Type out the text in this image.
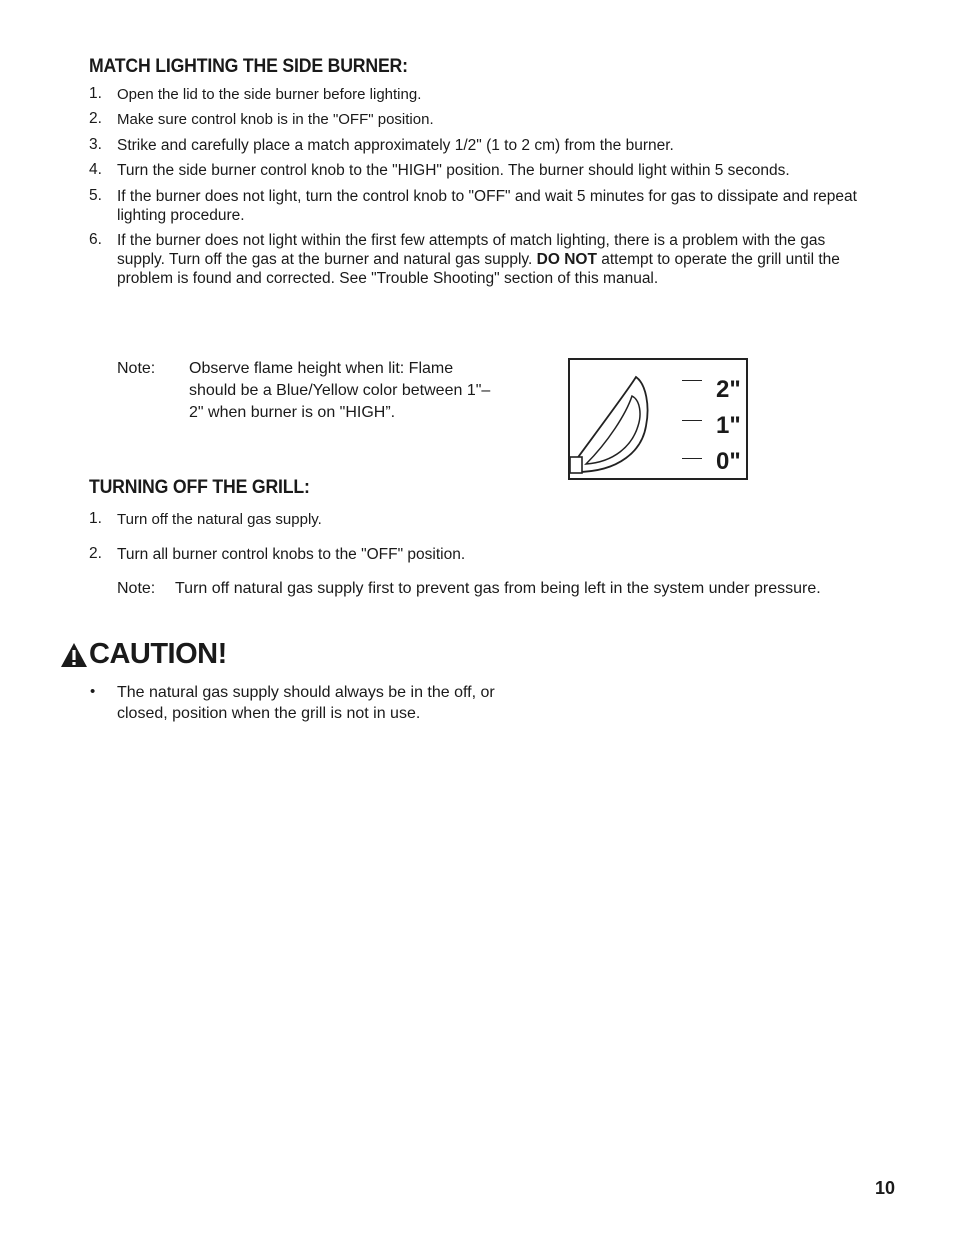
MATCH LIGHTING THE SIDE BURNER:
1. Open the lid to the side burner before lighting.
2. Make sure control knob is in the "OFF" position.
3. Strike and carefully place a match approximately 1/2" (1 to 2 cm) from the burner.
4. Turn the side burner control knob to the "HIGH" position. The burner should light within 5 seconds.
5. If the burner does not light, turn the control knob to "OFF" and wait 5 minutes for gas to dissipate and repeat lighting procedure.
6. If the burner does not light within the first few attempts of match lighting, there is a problem with the gas supply. Turn off the gas at the burner and natural gas supply. DO NOT attempt to operate the grill until the problem is found and corrected. See "Trouble Shooting" section of this manual.
Note: Observe flame height when lit: Flame should be a Blue/Yellow color between 1"–2" when burner is on "HIGH”.
2"
1"
0"
TURNING OFF THE GRILL:
1. Turn off the natural gas supply.
2. Turn all burner control knobs to the "OFF" position.
Note: Turn off natural gas supply first to prevent gas from being left in the system under pressure.
CAUTION!
• The natural gas supply should always be in the off, or closed, position when the grill is not in use.
10
